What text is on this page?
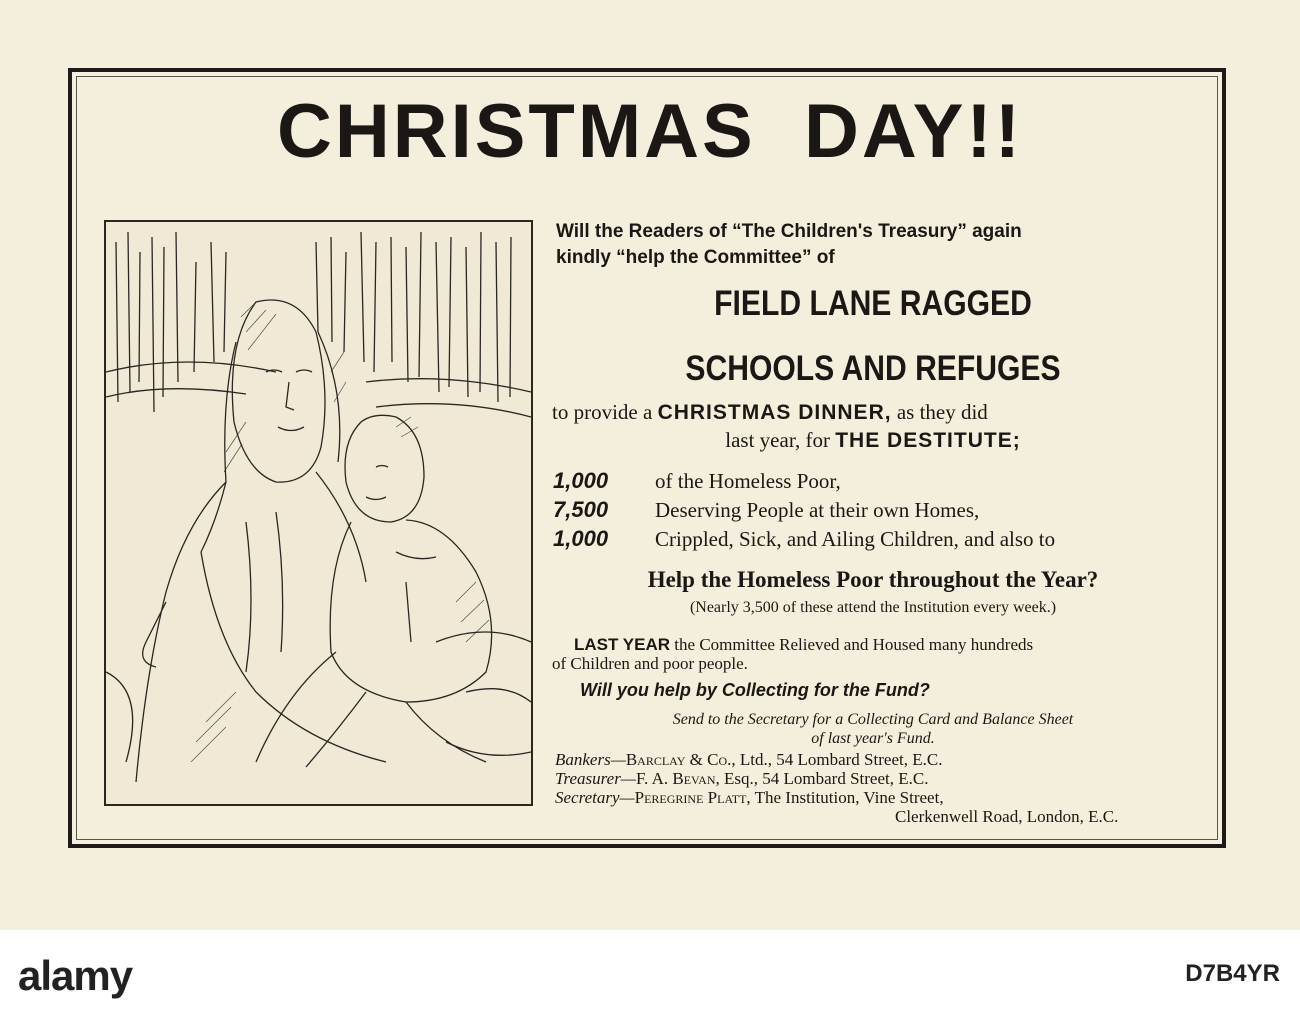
CHRISTMAS  DAY!!
Will the Readers of “The Children's Treasury” again
kindly “help the Committee” of
FIELD LANE RAGGED
SCHOOLS AND REFUGES
to provide a CHRISTMAS DINNER, as they did
last year, for THE DESTITUTE;
1,000 of the Homeless Poor,
7,500 Deserving People at their own Homes,
1,000 Crippled, Sick, and Ailing Children, and also to
Help the Homeless Poor throughout the Year?
(Nearly 3,500 of these attend the Institution every week.)
LAST YEAR the Committee Relieved and Housed many hundreds
of Children and poor people.
Will you help by Collecting for the Fund?
Send to the Secretary for a Collecting Card and Balance Sheet
of last year's Fund.
Bankers—Barclay & Co., Ltd., 54 Lombard Street, E.C.
Treasurer—F. A. Bevan, Esq., 54 Lombard Street, E.C.
Secretary—Peregrine Platt, The Institution, Vine Street,
Clerkenwell Road, London, E.C.
alamy	D7B4YR
